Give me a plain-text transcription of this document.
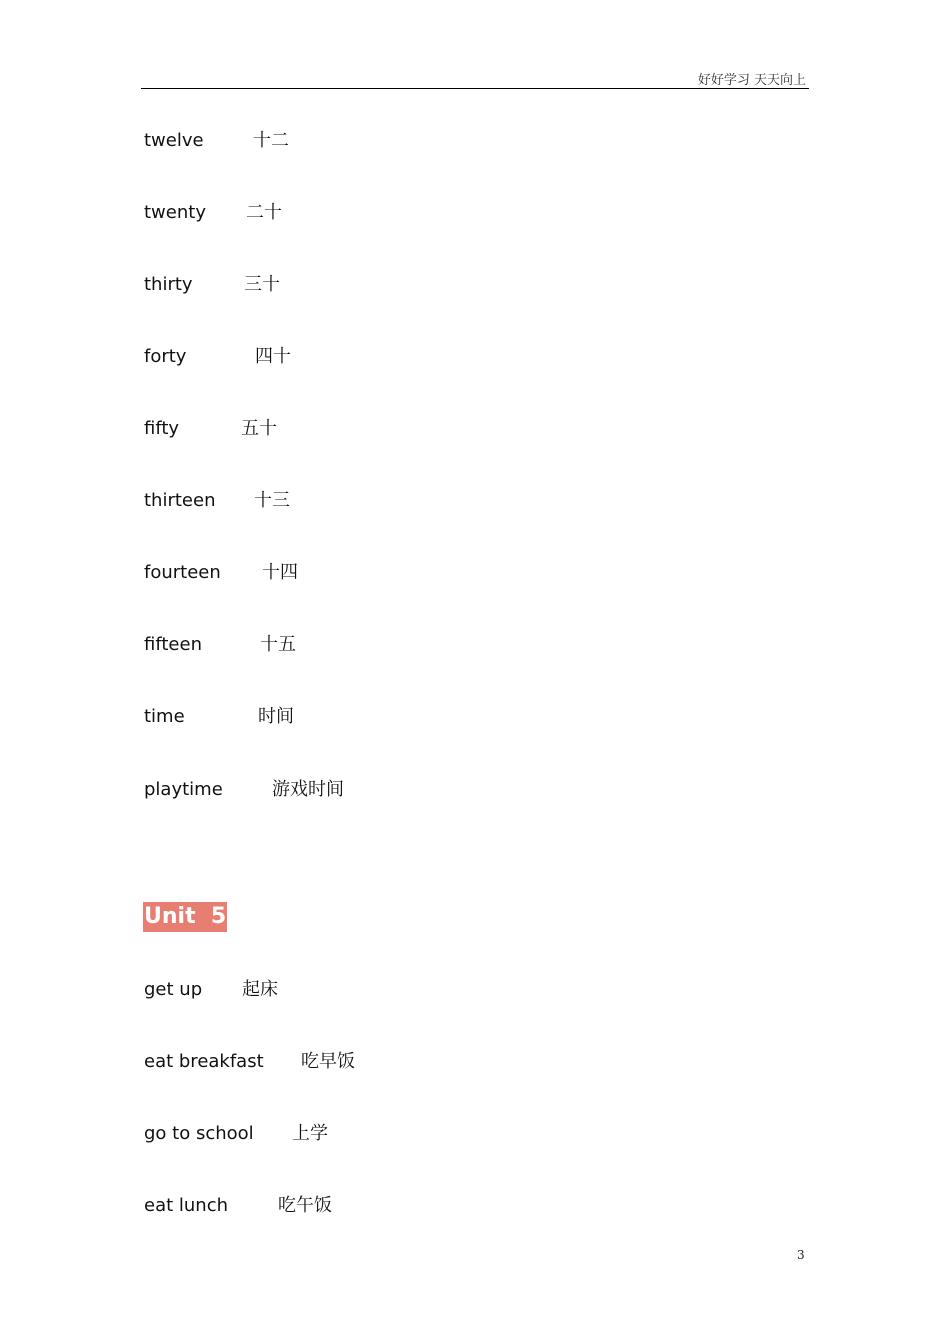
好好学习 天天向上
twelve	十二
twenty 二十
thirty	三十
forty	四十
fifty	五十
thirteen 十三
fourteen 十四
fifteen	十五
time	时间
playtime	游戏时间
Unit  5
get up 起床
eat breakfast 吃早饭
go to school 上学
eat lunch	吃午饭
3
